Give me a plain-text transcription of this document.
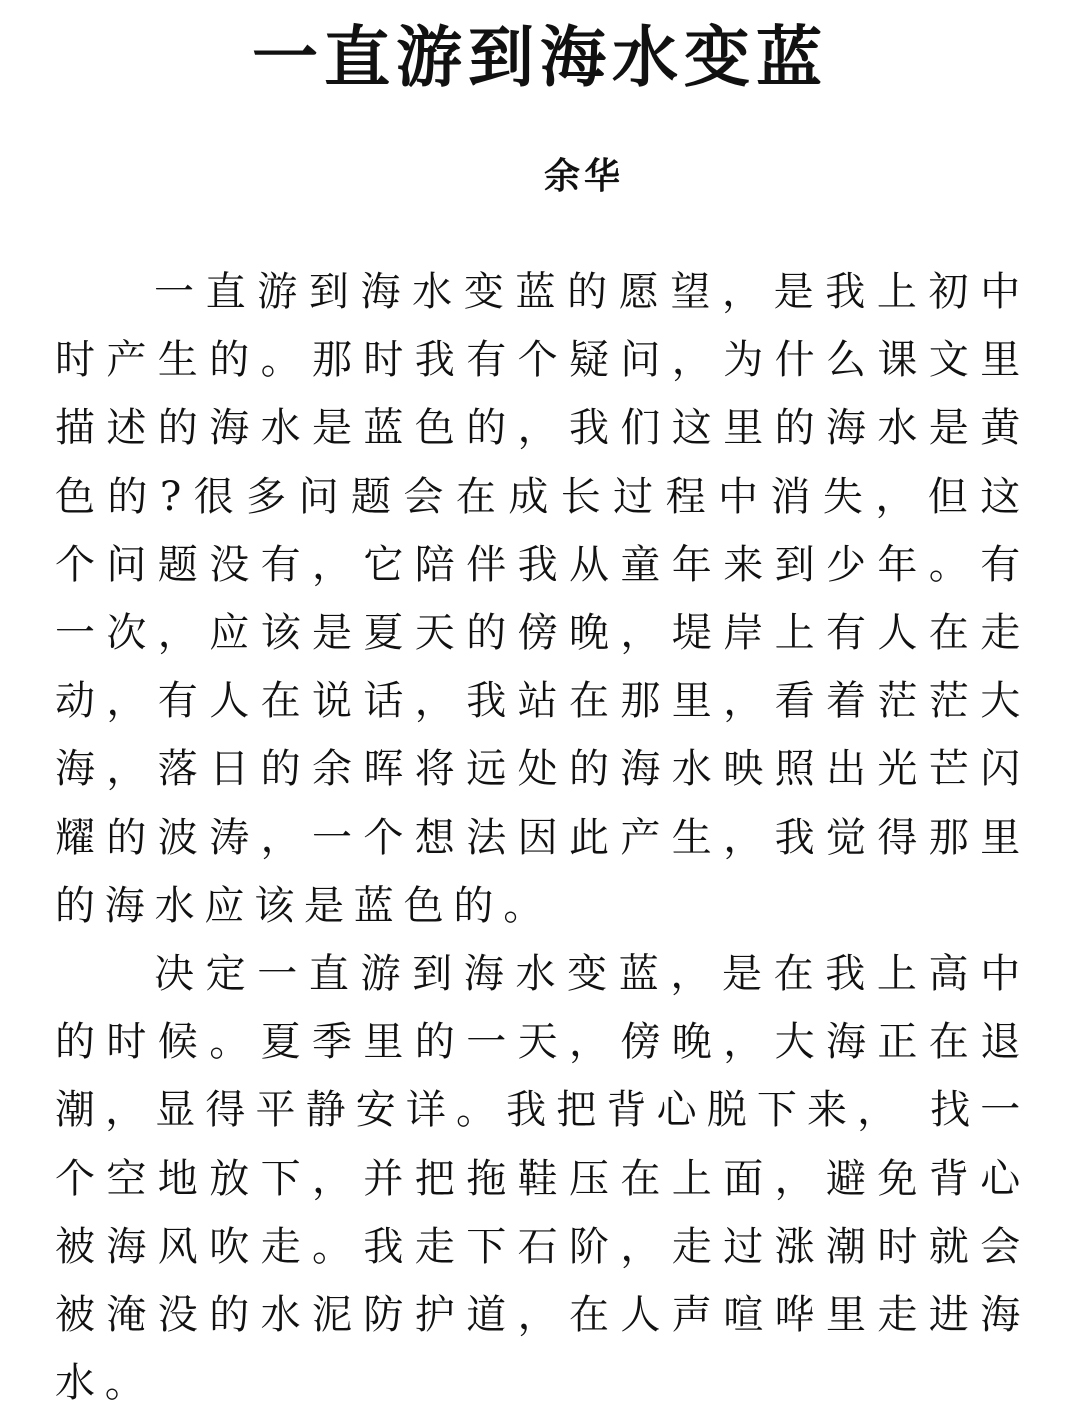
一直游到海水变蓝
余华

一直游到海水变蓝的愿望，是我上初中时产生的。那时我有个疑问，为什么课文里描述的海水是蓝色的，我们这里的海水是黄色的?很多问题会在成长过程中消失，但这个问题没有，它陪伴我从童年来到少年。有一次，应该是夏天的傍晚，堤岸上有人在走动，有人在说话，我站在那里，看着茫茫大海，落日的余晖将远处的海水映照出光芒闪耀的波涛，一个想法因此产生，我觉得那里的海水应该是蓝色的。

决定一直游到海水变蓝，是在我上高中的时候。夏季里的一天，傍晚，大海正在退潮，显得平静安详。我把背心脱下来， 找一个空地放下，并把拖鞋压在上面，避免背心被海风吹走。我走下石阶，走过涨潮时就会被淹没的水泥防护道，在人声喧哗里走进海水。
